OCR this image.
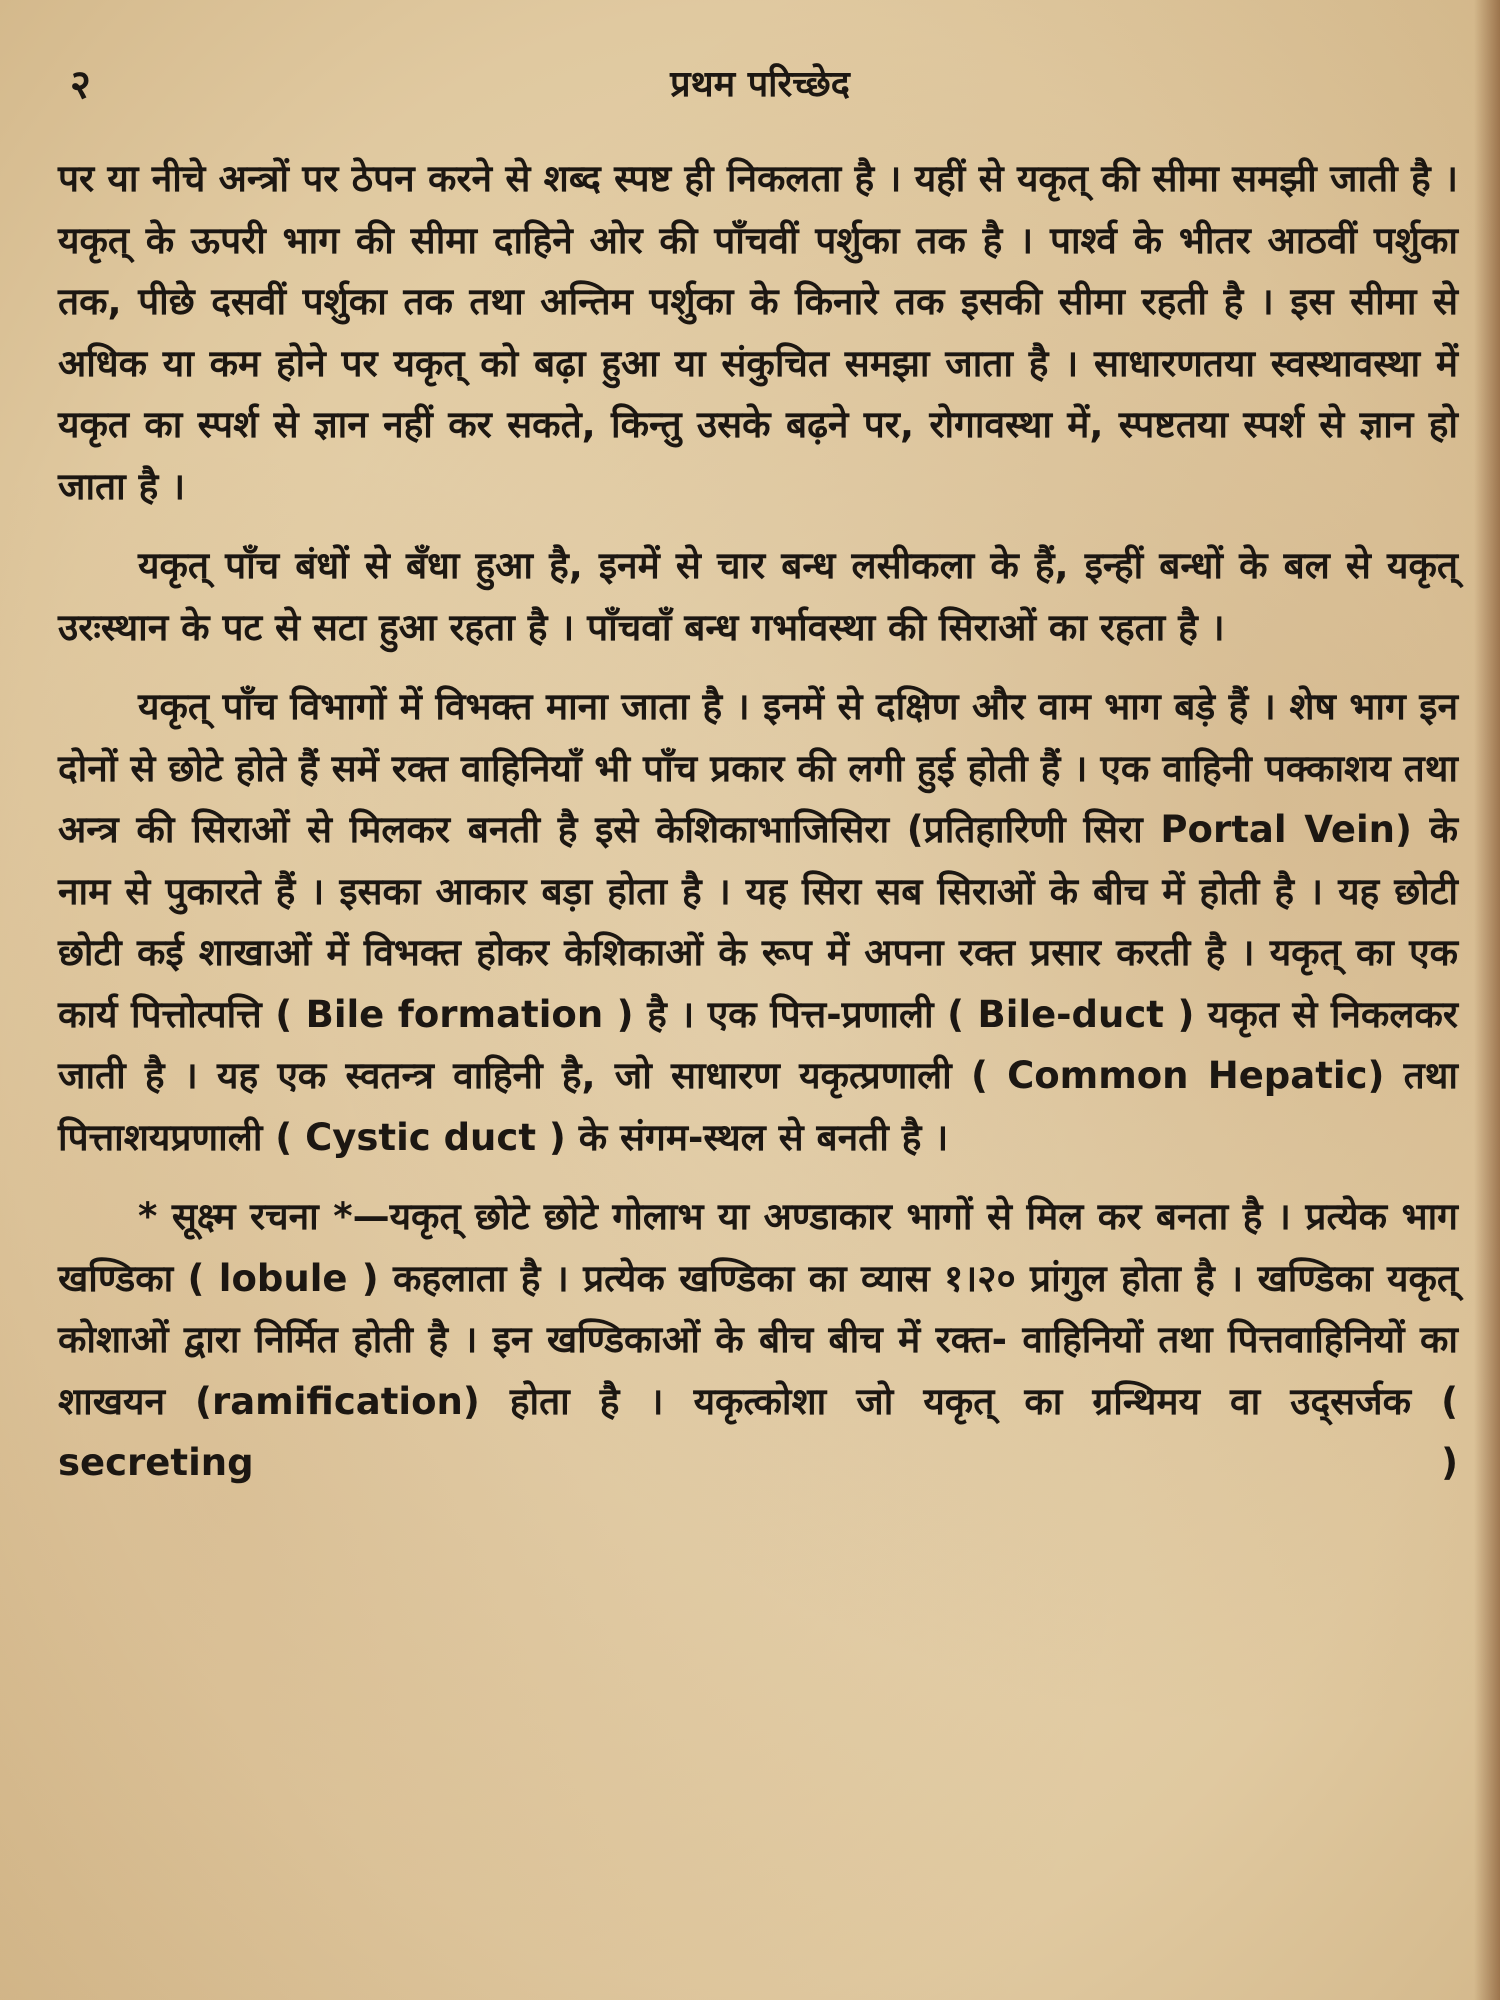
२	प्रथम परिच्छेद

पर या नीचे अन्त्रों पर ठेपन करने से शब्द स्पष्ट ही निकलता है । यहीं से यकृत् की सीमा समझी जाती है । यकृत् के ऊपरी भाग की सीमा दाहिने ओर की पाँचवीं पर्शुका तक है । पार्श्व के भीतर आठवीं पर्शुका तक, पीछे दसवीं पर्शुका तक तथा अन्तिम पर्शुका के किनारे तक इसकी सीमा रहती है । इस सीमा से अधिक या कम होने पर यकृत् को बढ़ा हुआ या संकुचित समझा जाता है । साधारणतया स्वस्थावस्था में यकृत का स्पर्श से ज्ञान नहीं कर सकते, किन्तु उसके बढ़ने पर, रोगावस्था में, स्पष्टतया स्पर्श से ज्ञान हो जाता है ।

यकृत् पाँच बंधों से बँधा हुआ है, इनमें से चार बन्ध लसीकला के हैं, इन्हीं बन्धों के बल से यकृत् उरःस्थान के पट से सटा हुआ रहता है । पाँचवाँ बन्ध गर्भावस्था की सिराओं का रहता है ।

यकृत् पाँच विभागों में विभक्त माना जाता है । इनमें से दक्षिण और वाम भाग बड़े हैं । शेष भाग इन दोनों से छोटे होते हैं समें रक्त वाहिनियाँ भी पाँच प्रकार की लगी हुई होती हैं । एक वाहिनी पक्काशय तथा अन्त्र की सिराओं से मिलकर बनती है इसे केशिकाभाजिसिरा (प्रतिहारिणी सिरा Portal Vein) के नाम से पुकारते हैं । इसका आकार बड़ा होता है । यह सिरा सब सिराओं के बीच में होती है । यह छोटी छोटी कई शाखाओं में विभक्त होकर केशिकाओं के रूप में अपना रक्त प्रसार करती है । यकृत् का एक कार्य पित्तोत्पत्ति ( Bile formation ) है । एक पित्त-प्रणाली ( Bile-duct ) यकृत से निकलकर जाती है । यह एक स्वतन्त्र वाहिनी है, जो साधारण यकृत्प्रणाली ( Common Hepatic) तथा पित्ताशयप्रणाली ( Cystic duct ) के संगम-स्थल से बनती है ।

* सूक्ष्म रचना *—यकृत् छोटे छोटे गोलाभ या अण्डाकार भागों से मिल कर बनता है । प्रत्येक भाग खण्डिका ( lobule ) कहलाता है । प्रत्येक खण्डिका का व्यास १।२० प्रांगुल होता है । खण्डिका यकृत् कोशाओं द्वारा निर्मित होती है । इन खण्डिकाओं के बीच बीच में रक्त- वाहिनियों तथा पित्तवाहिनियों का शाखयन (ramification) होता है । यकृत्कोशा जो यकृत् का ग्रन्थिमय वा उद्सर्जक ( secreting )
